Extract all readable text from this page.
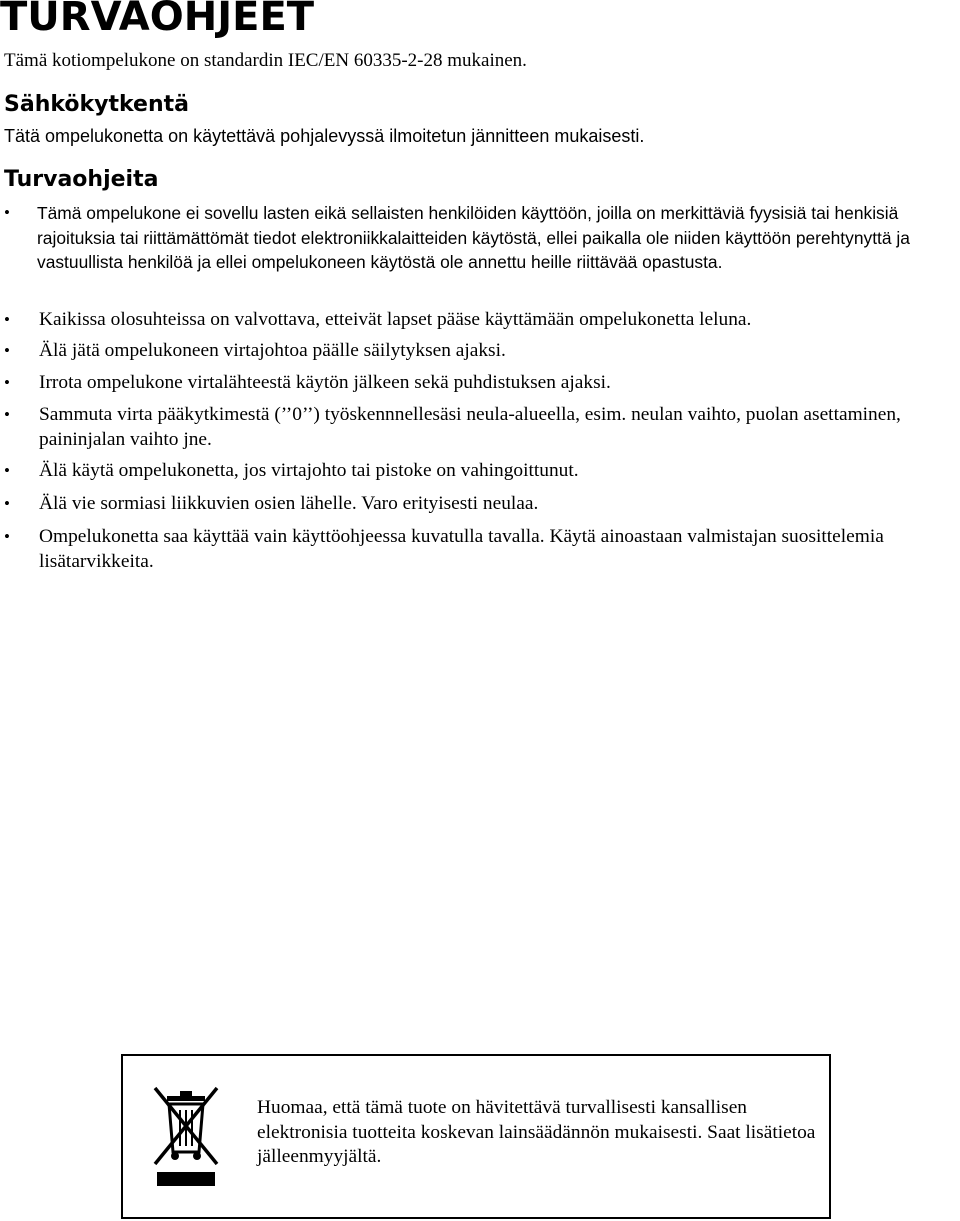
TURVAOHJEET

Tämä kotiompelukone on standardin IEC/EN 60335-2-28 mukainen.

Sähkökytkentä

Tätä ompelukonetta on käytettävä pohjalevyssä ilmoitetun jännitteen mukaisesti.

Turvaohjeita
• Tämä ompelukone ei sovellu lasten eikä sellaisten henkilöiden käyttöön, joilla on merkittäviä fyysisiä tai henkisiä rajoituksia tai riittämättömät tiedot elektroniikkalaitteiden käytöstä, ellei paikalla ole niiden käyttöön perehtynyttä ja vastuullista henkilöä ja ellei ompelukoneen käytöstä ole annettu heille riittävää opastusta.

• Kaikissa olosuhteissa on valvottava, etteivät lapset pääse käyttämään ompelukonetta leluna.

• Älä jätä ompelukoneen virtajohtoa päälle säilytyksen ajaksi.

• Irrota ompelukone virtalähteestä käytön jälkeen sekä puhdistuksen ajaksi.

• Sammuta virta pääkytkimestä (’’0’’) työskennnellesäsi neula-alueella, esim. neulan vaihto, puolan asettaminen, paininjalan vaihto jne.

• Älä käytä ompelukonetta, jos virtajohto tai pistoke on vahingoittunut.

• Älä vie sormiasi liikkuvien osien lähelle. Varo erityisesti neulaa.

• Ompelukonetta saa käyttää vain käyttöohjeessa kuvatulla tavalla. Käytä ainoastaan valmistajan suosittelemia lisätarvikkeita.

Huomaa, että tämä tuote on hävitettävä turvallisesti kansallisen elektronisia tuotteita koskevan lainsäädännön mukaisesti. Saat lisätietoa jälleenmyyjältä.
